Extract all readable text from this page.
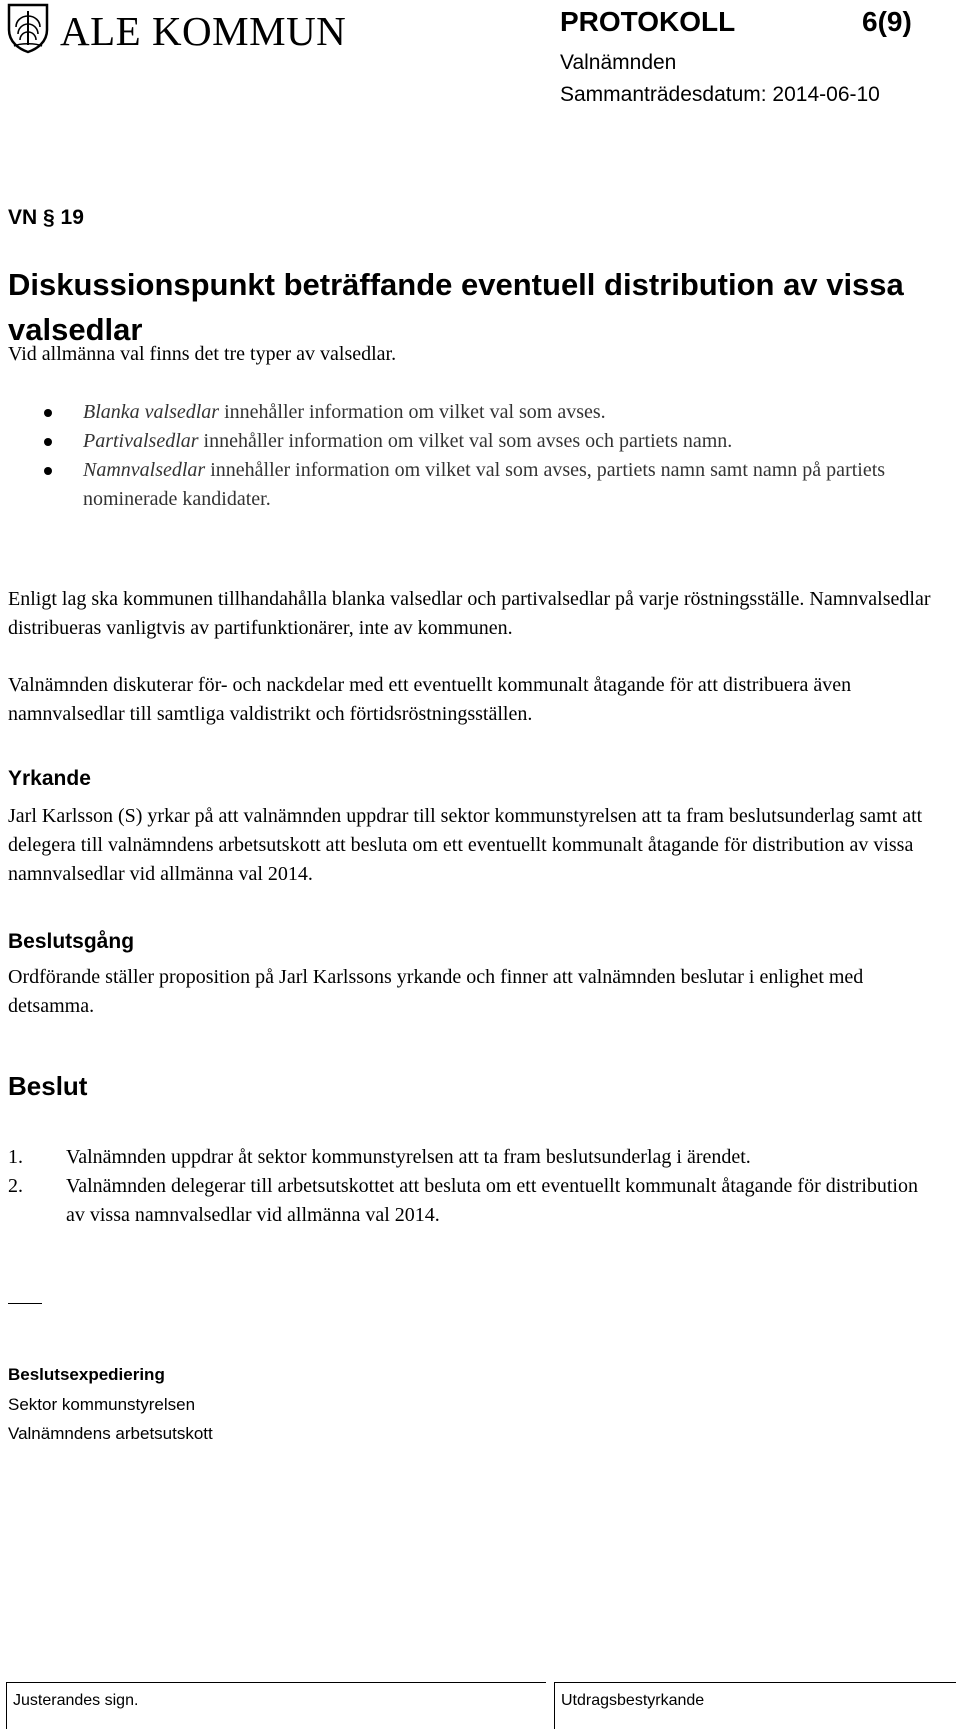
ALE KOMMUN	PROTOKOLL	6(9)
Valnämnden
Sammanträdesdatum: 2014-06-10
VN § 19
Diskussionspunkt beträffande eventuell distribution av vissa valsedlar

Vid allmänna val finns det tre typer av valsedlar.

Blanka valsedlar innehåller information om vilket val som avses.
Partivalsedlar innehåller information om vilket val som avses och partiets namn.
Namnvalsedlar innehåller information om vilket val som avses, partiets namn samt namn på partiets nominerade kandidater.

Enligt lag ska kommunen tillhandahålla blanka valsedlar och partivalsedlar på varje röstningsställe. Namnvalsedlar distribueras vanligtvis av partifunktionärer, inte av kommunen.

Valnämnden diskuterar för- och nackdelar med ett eventuellt kommunalt åtagande för att distribuera även namnvalsedlar till samtliga valdistrikt och förtidsröstningsställen.

Yrkande

Jarl Karlsson (S) yrkar på att valnämnden uppdrar till sektor kommunstyrelsen att ta fram beslutsunderlag samt att delegera till valnämndens arbetsutskott att besluta om ett eventuellt kommunalt åtagande för distribution av vissa namnvalsedlar vid allmänna val 2014.

Beslutsgång

Ordförande ställer proposition på Jarl Karlssons yrkande och finner att valnämnden beslutar i enlighet med detsamma.

Beslut
1. Valnämnden uppdrar åt sektor kommunstyrelsen att ta fram beslutsunderlag i ärendet.
2. Valnämnden delegerar till arbetsutskottet att besluta om ett eventuellt kommunalt åtagande för distribution av vissa namnvalsedlar vid allmänna val 2014.
Beslutsexpediering
Sektor kommunstyrelsen
Valnämndens arbetsutskott
Justerandes sign.	Utdragsbestyrkande
